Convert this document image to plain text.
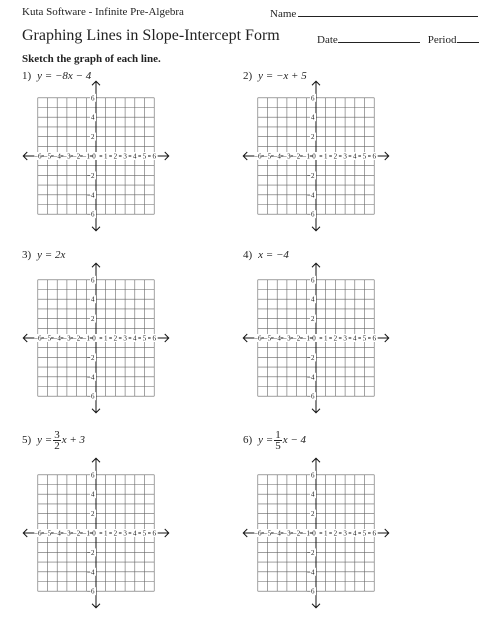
Kuta Software - Infinite Pre-Algebra	Name
Graphing Lines in Slope-Intercept Form	Date	Period
Sketch the graph of each line.
1) y = −8x − 4	2) y = −x + 5
3) y = 2x	4) x = −4
5) $y = \frac{3}{2}$ x + 3	6) $y = \frac{1}{5}$ x − 4
−6 −5 −4 −3 −2 −1 0 1 2 3 4 5 6
6
4
2
−2
−4
−6
−6 −5 −4 −3 −2 −1 0 1 2 3 4 5 6
6
4
2
−2
−4
−6
−6 −5 −4 −3 −2 −1 0 1 2 3 4 5 6
6
4
2
−2
−4
−6
−6 −5 −4 −3 −2 −1 0 1 2 3 4 5 6
6
4
2
−2
−4
−6
−6 −5 −4 −3 −2 −1 0 1 2 3 4 5 6
6
4
2
−2
−4
−6
−6 −5 −4 −3 −2 −1 0 1 2 3 4 5 6
6
4
2
−2
−4
−6
